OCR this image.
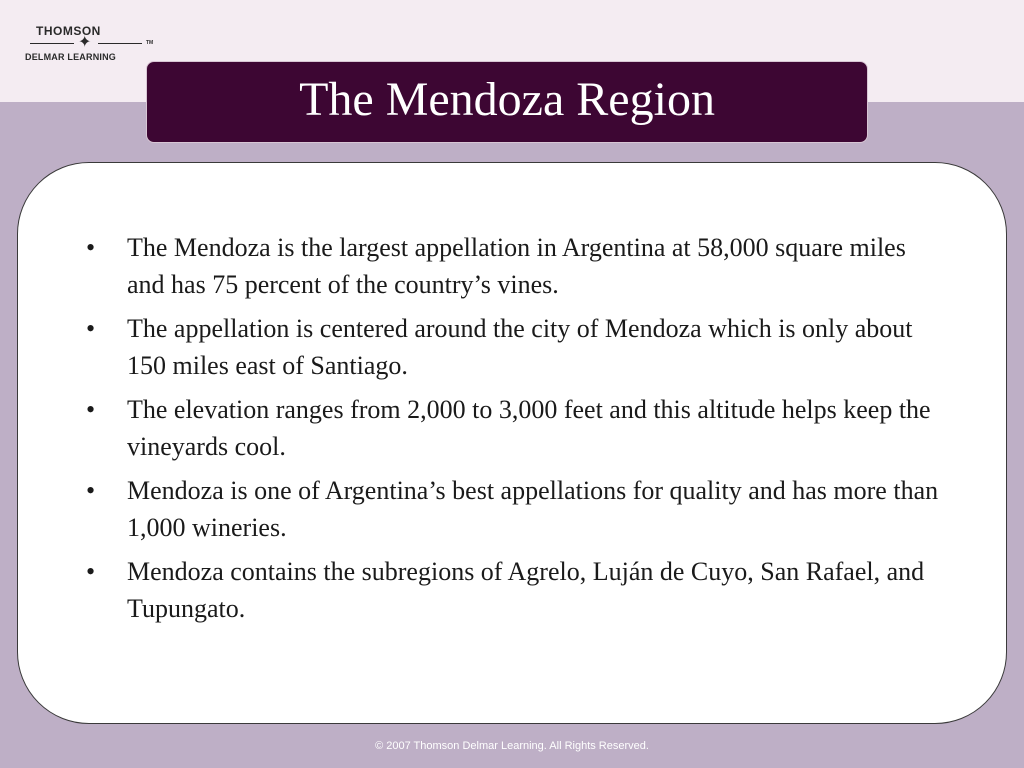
THOMSON
✦	TM
DELMAR LEARNING
The Mendoza Region
• The Mendoza is the largest appellation in Argentina at 58,000 square miles and has 75 percent of the country’s vines.
• The appellation is centered around the city of Mendoza which is only about 150 miles east of Santiago.
• The elevation ranges from 2,000 to 3,000 feet and this altitude helps keep the vineyards cool.
• Mendoza is one of Argentina’s best appellations for quality and has more than 1,000 wineries.
• Mendoza contains the subregions of Agrelo, Luján de Cuyo, San Rafael, and Tupungato.
© 2007 Thomson Delmar Learning. All Rights Reserved.
